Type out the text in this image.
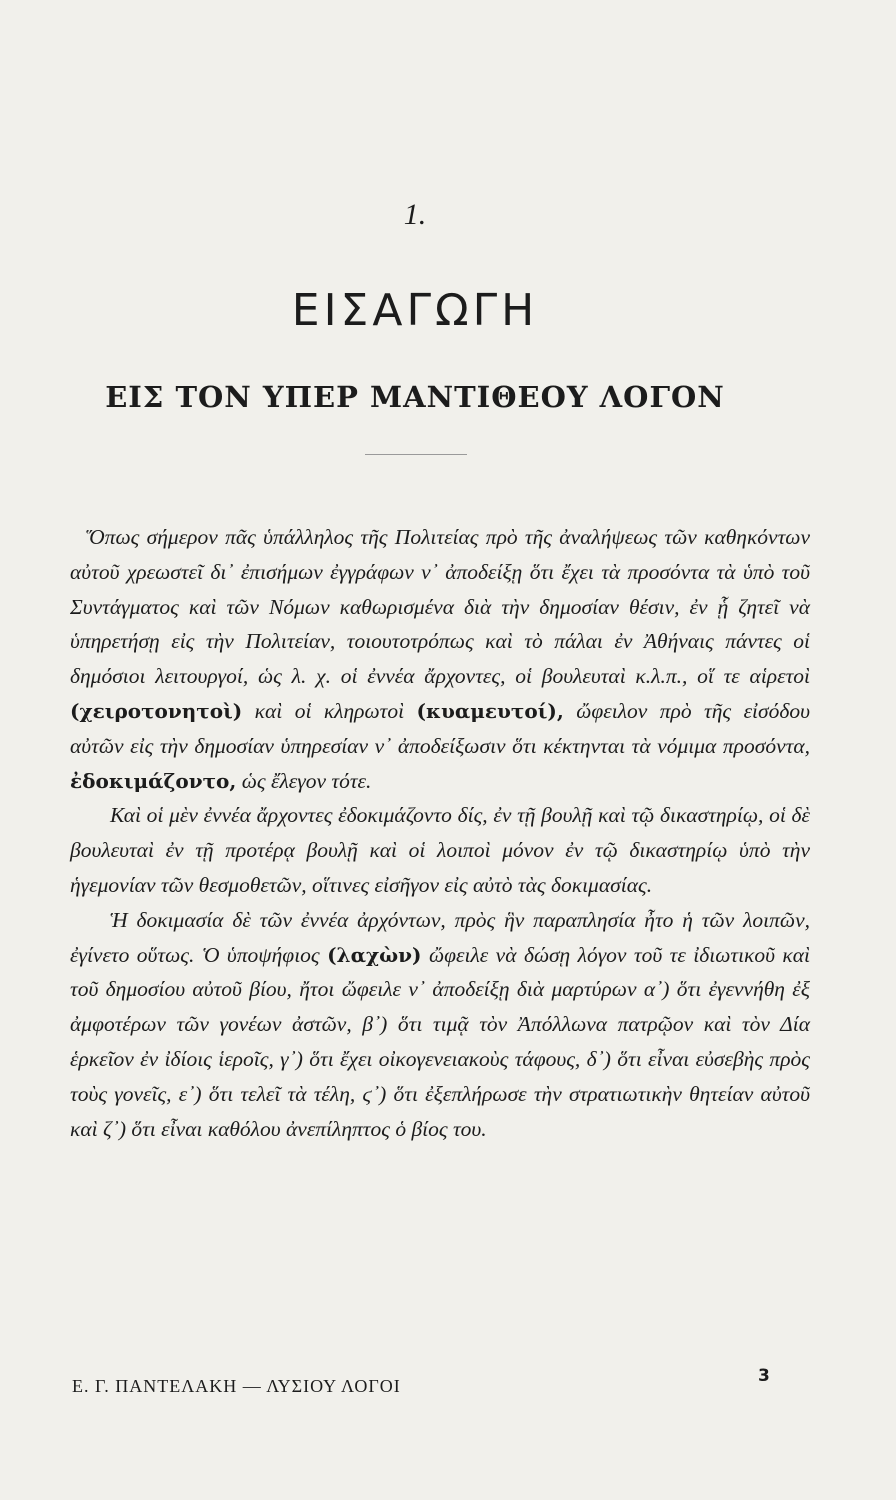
1.
ΕΙΣΑΓΩΓΗ
ΕΙΣ ΤΟΝ ΥΠΕΡ ΜΑΝΤΙΘΕΟΥ ΛΟΓΟΝ

Ὅπως σήμερον πᾶς ὑπάλληλος τῆς Πολιτείας πρὸ τῆς ἀναλήψεως τῶν καθηκόντων αὐτοῦ χρεωστεῖ δι᾽ ἐπισήμων ἐγγράφων ν᾽ ἀποδείξῃ ὅτι ἔχει τὰ προσόντα τὰ ὑπὸ τοῦ Συντάγματος καὶ τῶν Νόμων καθωρισμένα διὰ τὴν δημοσίαν θέσιν, ἐν ᾗ ζητεῖ νὰ ὑπηρετήσῃ εἰς τὴν Πολιτείαν, τοιουτοτρόπως καὶ τὸ πάλαι ἐν Ἀθήναις πάντες οἱ δημόσιοι λειτουργοί, ὡς λ. χ. οἱ ἐννέα ἄρχοντες, οἱ βουλευταὶ κ.λ.π., οἵ τε αἱρετοὶ (χειροτονητοὶ) καὶ οἱ κληρωτοὶ (κυαμευτοί), ὤφειλον πρὸ τῆς εἰσόδου αὐτῶν εἰς τὴν δημοσίαν ὑπηρεσίαν ν᾽ ἀποδείξωσιν ὅτι κέκτηνται τὰ νόμιμα προσόντα, ἐδοκιμάζοντο, ὡς ἔλεγον τότε.

Καὶ οἱ μὲν ἐννέα ἄρχοντες ἐδοκιμάζοντο δίς, ἐν τῇ βουλῇ καὶ τῷ δικαστηρίῳ, οἱ δὲ βουλευταὶ ἐν τῇ προτέρᾳ βουλῇ καὶ οἱ λοιποὶ μόνον ἐν τῷ δικαστηρίῳ ὑπὸ τὴν ἡγεμονίαν τῶν θεσμοθετῶν, οἵτινες εἰσῆγον εἰς αὐτὸ τὰς δοκιμασίας.

Ἡ δοκιμασία δὲ τῶν ἐννέα ἀρχόντων, πρὸς ἣν παραπλησία ἦτο ἡ τῶν λοιπῶν, ἐγίνετο οὕτως. Ὁ ὑποψήφιος (λαχὼν) ὤφειλε νὰ δώσῃ λόγον τοῦ τε ἰδιωτικοῦ καὶ τοῦ δημοσίου αὐτοῦ βίου, ἤτοι ὤφειλε ν᾽ ἀποδείξῃ διὰ μαρτύρων α᾽) ὅτι ἐγεννήθη ἐξ ἀμφοτέρων τῶν γονέων ἀστῶν, β᾽) ὅτι τιμᾷ τὸν Ἀπόλλωνα πατρῷον καὶ τὸν Δία ἑρκεῖον ἐν ἰδίοις ἱεροῖς, γ᾽) ὅτι ἔχει οἰκογενειακοὺς τάφους, δ᾽) ὅτι εἶναι εὐσεβὴς πρὸς τοὺς γονεῖς, ε᾽) ὅτι τελεῖ τὰ τέλη, ϛ᾽) ὅτι ἐξεπλήρωσε τὴν στρατιωτικὴν θητείαν αὐτοῦ καὶ ζ᾽) ὅτι εἶναι καθόλου ἀνεπίληπτος ὁ βίος του.

Ε. Γ. ΠΑΝΤΕΛΑΚΗ — ΛΥΣΙΟΥ ΛΟΓΟΙ	3
